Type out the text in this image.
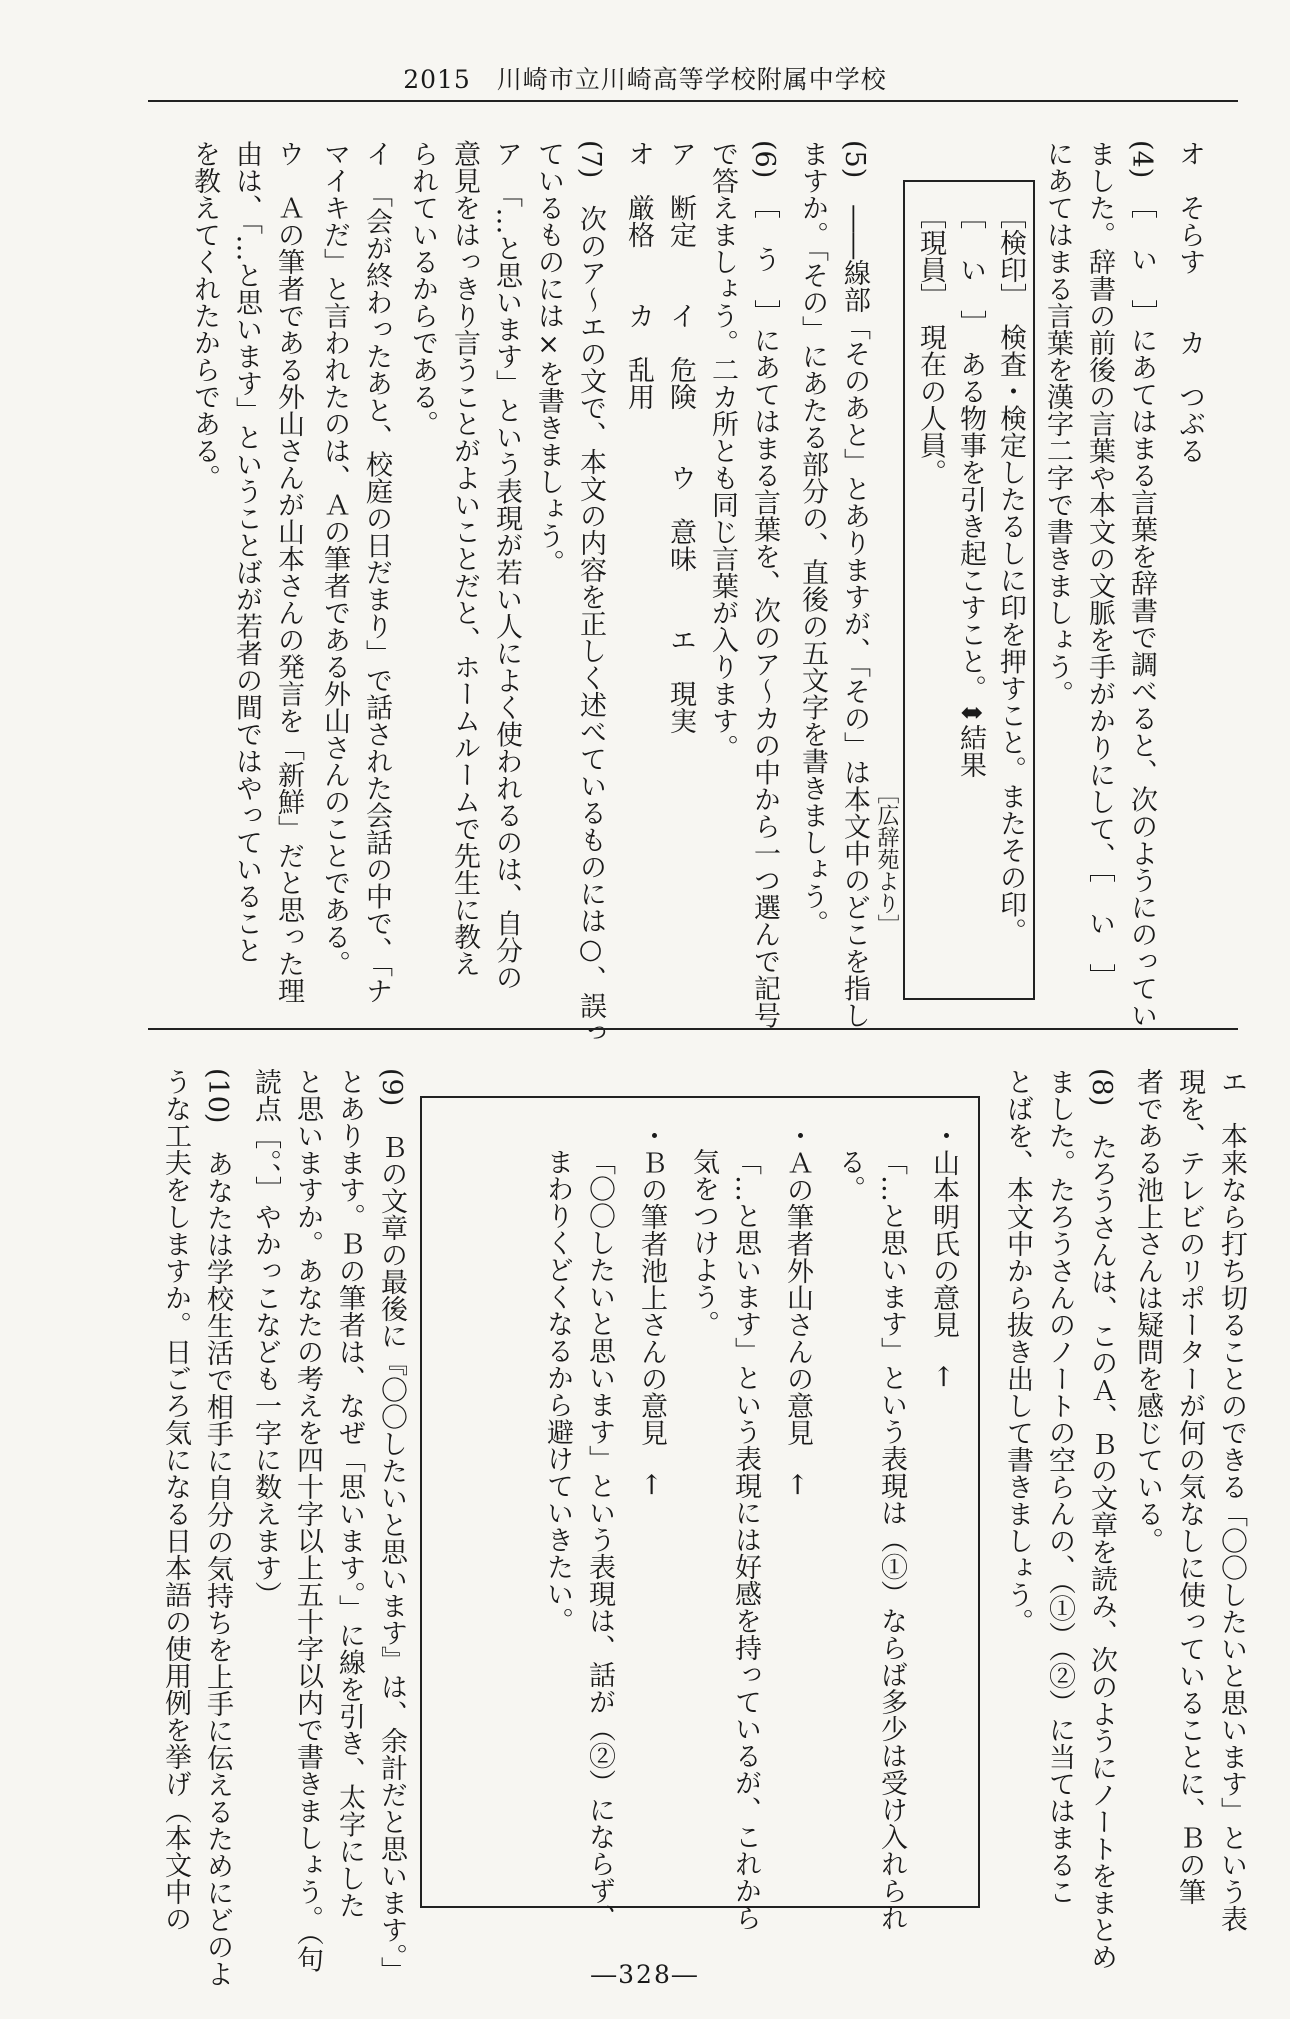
2015　川崎市立川崎高等学校附属中学校
オ　そらす　　カ　つぶる
(4)　［　い　］にあてはまる言葉を辞書で調べると、次のようにのってい
ました。辞書の前後の言葉や本文の文脈を手がかりにして、［　い　］
にあてはまる言葉を漢字二字で書きましょう。
［検印］　検査・検定したるしに印を押すこと。またその印。
［　い　］　ある物事を引き起こすこと。⬍結果
［現員］　現在の人員。
［広辞苑より］
(5)　――線部「そのあと」とありますが、「その」は本文中のどこを指し
ますか。「その」にあたる部分の、直後の五文字を書きましょう。
(6)　［　う　］にあてはまる言葉を、次のア〜カの中から一つ選んで記号
で答えましょう。二カ所とも同じ言葉が入ります。
ア　断定　　イ　危険　　ウ　意味　　エ　現実
オ　厳格　　カ　乱用
(7)　次のア〜エの文で、本文の内容を正しく述べているものには○、誤っ
ているものには×を書きましょう。
ア　「…と思います」という表現が若い人によく使われるのは、自分の
意見をはっきり言うことがよいことだと、ホームルームで先生に教え
られているからである。
イ　「会が終わったあと、校庭の日だまり」で話された会話の中で、「ナ
マイキだ」と言われたのは、Ａの筆者である外山さんのことである。
ウ　Ａの筆者である外山さんが山本さんの発言を「新鮮」だと思った理
由は、「…と思います」ということばが若者の間ではやっていること
を教えてくれたからである。
エ　本来なら打ち切ることのできる「〇〇したいと思います」という表
現を、テレビのリポーターが何の気なしに使っていることに、Ｂの筆
者である池上さんは疑問を感じている。
(8)　たろうさんは、このＡ、Ｂの文章を読み、次のようにノートをまとめ
ました。たろうさんのノートの空らんの、（①）（②）に当てはまるこ
とばを、本文中から抜き出して書きましょう。
・山本明氏の意見　←
「…と思います」という表現は（①）ならば多少は受け入れられ
る。
・Ａの筆者外山さんの意見　←
「…と思います」という表現には好感を持っているが、これから
気をつけよう。
・Ｂの筆者池上さんの意見　←
「〇〇したいと思います」という表現は、話が（②）にならず、
まわりくどくなるから避けていきたい。
(9)　Ｂの文章の最後に『〇〇したいと思います』は、余計だと思います。」
とあります。Ｂの筆者は、なぜ「思います。」に線を引き、太字にした
と思いますか。あなたの考えを四十字以上五十字以内で書きましょう。（句
読点［。、］やかっこなども一字に数えます）
(10)　あなたは学校生活で相手に自分の気持ちを上手に伝えるためにどのよ
うな工夫をしますか。日ごろ気になる日本語の使用例を挙げ（本文中の
―328―
